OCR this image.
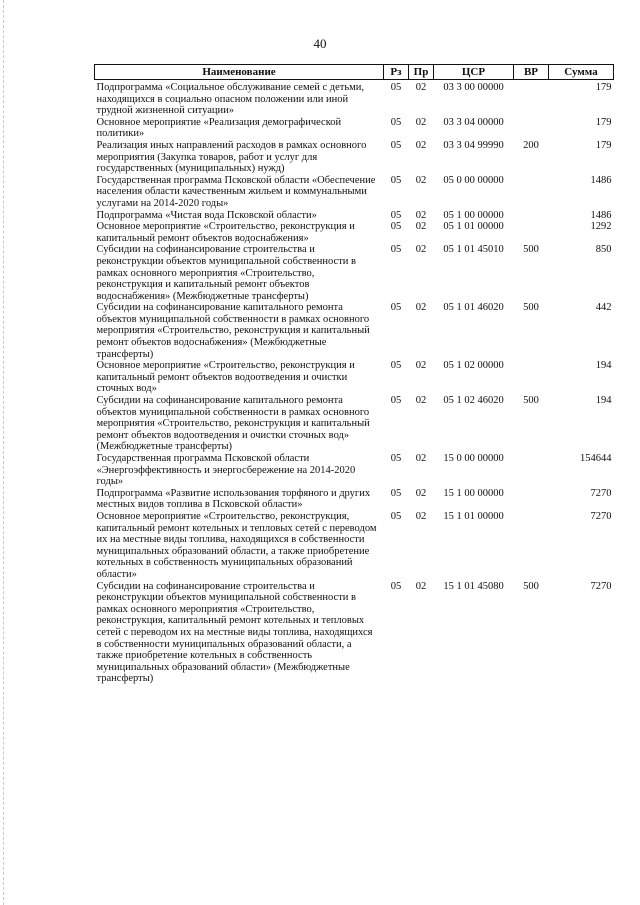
40
Наименование	Рз	Пр	ЦСР	ВР	Сумма
Подпрограмма «Социальное обслуживание семей с детьми, находящихся в социально опасном положении или иной трудной жизненной ситуации»	05	02	03 3 00 00000		179
Основное мероприятие «Реализация демографической политики»	05	02	03 3 04 00000		179
Реализация иных направлений расходов в рамках основного мероприятия (Закупка товаров, работ и услуг для государственных (муниципальных) нужд)	05	02	03 3 04 99990	200	179
Государственная программа Псковской области «Обеспечение населения области качественным жильем и коммунальными услугами на 2014-2020 годы»	05	02	05 0 00 00000		1486
Подпрограмма «Чистая вода Псковской области»	05	02	05 1 00 00000		1486
Основное мероприятие «Строительство, реконструкция и капитальный ремонт объектов водоснабжения»	05	02	05 1 01 00000		1292
Субсидии на софинансирование строительства и реконструкции объектов муниципальной собственности в рамках основного мероприятия «Строительство, реконструкция и капитальный ремонт объектов водоснабжения» (Межбюджетные трансферты)	05	02	05 1 01 45010	500	850
Субсидии на софинансирование капитального ремонта объектов муниципальной собственности в рамках основного мероприятия «Строительство, реконструкция и капитальный ремонт объектов водоснабжения» (Межбюджетные трансферты)	05	02	05 1 01 46020	500	442
Основное мероприятие «Строительство, реконструкция и капитальный ремонт объектов водоотведения и очистки сточных вод»	05	02	05 1 02 00000		194
Субсидии на софинансирование капитального ремонта объектов муниципальной собственности в рамках основного мероприятия «Строительство, реконструкция и капитальный ремонт объектов водоотведения и очистки сточных вод» (Межбюджетные трансферты)	05	02	05 1 02 46020	500	194
Государственная программа Псковской области «Энергоэффективность и энергосбережение на 2014-2020 годы»	05	02	15 0 00 00000		154644
Подпрограмма «Развитие использования торфяного и других местных видов топлива в Псковской области»	05	02	15 1 00 00000		7270
Основное мероприятие «Строительство, реконструкция, капитальный ремонт котельных и тепловых сетей с переводом их на местные виды топлива, находящихся в собственности муниципальных образований области, а также приобретение котельных в собственность муниципальных образований области»	05	02	15 1 01 00000		7270
Субсидии на софинансирование строительства и реконструкции объектов муниципальной собственности в рамках основного мероприятия «Строительство, реконструкция, капитальный ремонт котельных и тепловых сетей с переводом их на местные виды топлива, находящихся в собственности муниципальных образований области, а также приобретение котельных в собственность муниципальных образований области» (Межбюджетные трансферты)	05	02	15 1 01 45080	500	7270
